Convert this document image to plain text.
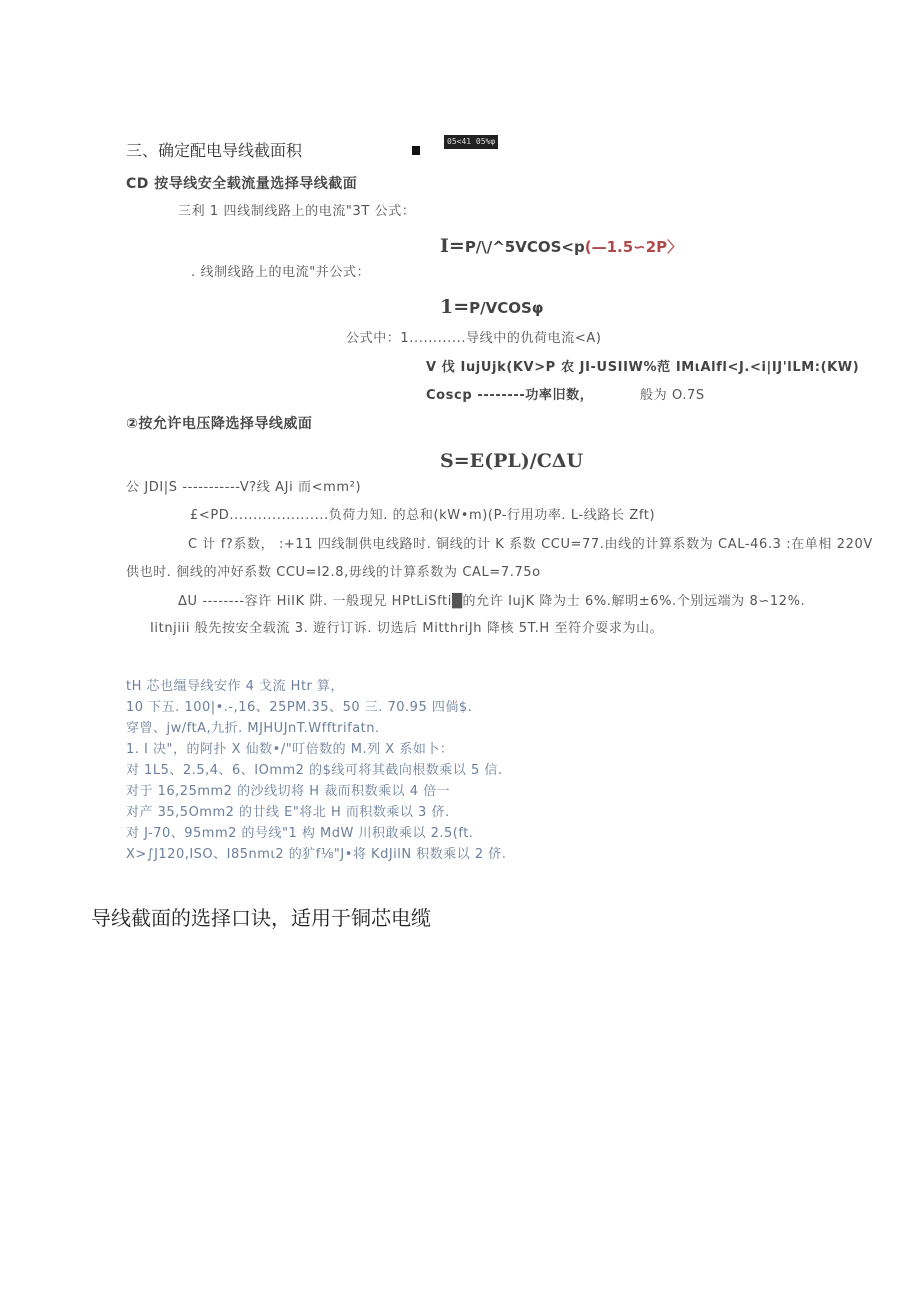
三、确定配电导线截面积	05<41 05%φ
CD 按导线安全载流量选择导线截面
三利 1 四线制线路上的电流"3T 公式：
I=P/\/^5VCOS<p(—1.5∽2P〉
. 线制线路上的电流"并公式：
1=P/VCOSφ
公式中：1............导线中的仇荷电流<A)
V 伐 IujUjk(KV>P 农 JI-USIIW%范 IMιAlfl<J.<i|IJ'lLM:(KW)
Coscp --------功率旧数，	般为 O.7S
②按允许电压降选择导线威面
S=E(PL)/CΔU
公 JDI|S -----------V?线 AJi 而<mm²)
£<PD.....................负荷力知. 的总和(kW•m)(P-行用功率. L-线路长 Zft)
C 计 f?系数， :+11 四线制供电线路时. 铜线的计 K 系数 CCU=77.由线的计算系数为 CAL-46.3 :在单相 220V
供也时. 徊线的冲好系数 CCU=I2.8,毋线的计算系数为 CAL=7.75o
ΔU --------容许 HiIK 阱. 一般现兄 HPtLiSfti█的允许 IujK 降为士 6%.解明±6%.个别远端为 8∽12%.
Iitnjiii 般先按安全载流 3. 遊行订诉. 切选后 MitthriJh 降核 5T.H 至符介耍求为山。
tH 芯也缰导线安作 4 戈流 Htr 算，
10 下五. 100|•.-,16、25PM.35、50 三. 70.95 四倘$.
穿曾、jw/ftA,九折. MJHUJnT.Wfftrifatn.
1. I 决"，的阿扑 X 仙数•/"叮倍数的 M.列 X 系如卜：
对 1L5、2.5,4、6、IOmm2 的$线可将其截向根数乘以 5 信.
对于 16,25mm2 的沙线切将 H 裁而积数乘以 4 倍一
对产 35,5Omm2 的廿线 E"将北 H 而积数乘以 3 侪.
对 J-70、95mm2 的号线"1 构 MdW 川积敢乘以 2.5(ft.
X>∫J120,ISO、I85nmι2 的犷f⅛"J•将 KdJilN 积数乘以 2 侪.
导线截面的选择口诀，适用于铜芯电缆
